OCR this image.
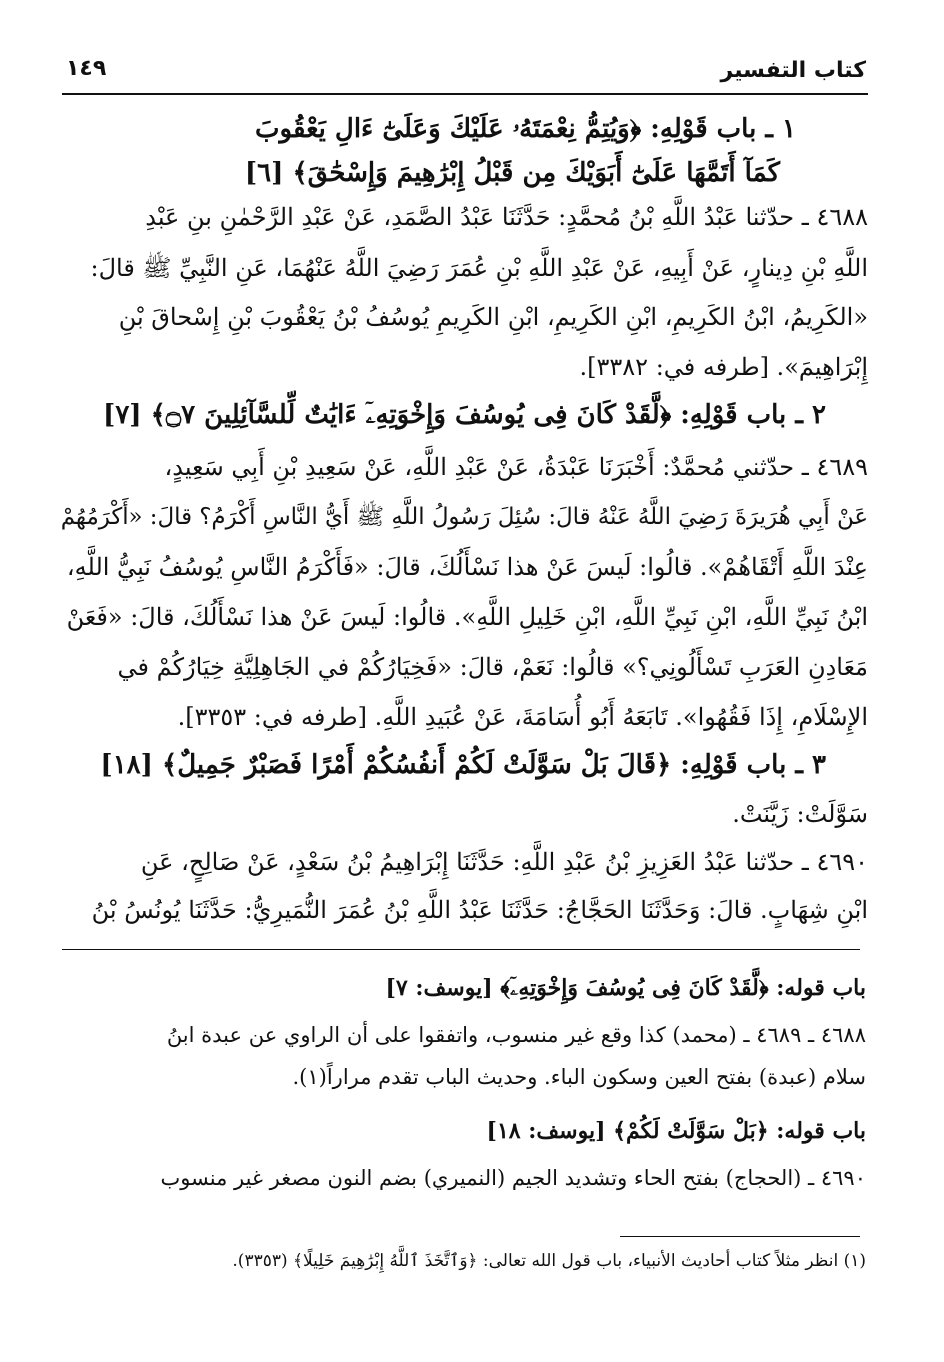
كتاب التفسير
١٤٩
١ ـ باب قَوْلِهِ: ﴿وَيُتِمُّ نِعْمَتَهُۥ عَلَيْكَ وَعَلَىٰٓ ءَالِ يَعْقُوبَ
كَمَآ أَتَمَّهَا عَلَىٰٓ أَبَوَيْكَ مِن قَبْلُ إِبْرَٰهِيمَ وَإِسْحَٰقَ﴾ [٦]
٤٦٨٨ ـ حدّثنا عَبْدُ اللَّهِ بْنُ مُحمَّدٍ: حَدَّثَنَا عَبْدُ الصَّمَدِ، عَنْ عَبْدِ الرَّحْمٰنِ بنِ عَبْدِ
اللَّهِ بْنِ دِينارٍ، عَنْ أَبِيهِ، عَنْ عَبْدِ اللَّهِ بْنِ عُمَرَ رَضِيَ اللَّهُ عَنْهُمَا، عَنِ النَّبِيِّ ﷺ قالَ:
«الكَرِيمُ، ابْنُ الكَرِيمِ، ابْنِ الكَرِيمِ، ابْنِ الكَرِيمِ يُوسُفُ بْنُ يَعْقُوبَ بْنِ إِسْحاقَ بْنِ
إِبْرَاهِيمَ». [طرفه في: ٣٣٨٢].
٢ ـ باب قَوْلِهِ: ﴿لَّقَدْ كَانَ فِى يُوسُفَ وَإِخْوَتِهِۦٓ ءَايَٰتٌ لِّلسَّآئِلِينَ ۝٧﴾ [٧]
٤٦٨٩ ـ حدّثني مُحمَّدٌ: أَخْبَرَنَا عَبْدَةُ، عَنْ عَبْدِ اللَّهِ، عَنْ سَعِيدِ بْنِ أَبِي سَعِيدٍ،
عَنْ أَبِي هُرَيرَةَ رَضِيَ اللَّهُ عَنْهُ قالَ: سُئِلَ رَسُولُ اللَّهِ ﷺ أَيُّ النَّاسِ أَكْرَمُ؟ قالَ: «أَكْرَمُهُمْ
عِنْدَ اللَّهِ أَتْقَاهُمْ». قالُوا: لَيسَ عَنْ هذا نَسْأَلُكَ، قالَ: «فَأَكْرَمُ النَّاسِ يُوسُفُ نَبِيُّ اللَّهِ،
ابْنُ نَبِيِّ اللَّهِ، ابْنِ نَبِيِّ اللَّهِ، ابْنِ خَلِيلِ اللَّهِ». قالُوا: لَيسَ عَنْ هذا نَسْأَلُكَ، قالَ: «فَعَنْ
مَعَادِنِ العَرَبِ تَسْأَلُونِي؟» قالُوا: نَعَمْ، قالَ: «فَخِيَارُكُمْ في الجَاهِلِيَّةِ خِيَارُكُمْ في
الإِسْلَامِ، إِذَا فَقُهُوا». تَابَعَهُ أَبُو أُسَامَةَ، عَنْ عُبَيدِ اللَّهِ. [طرفه في: ٣٣٥٣].
٣ ـ باب قَوْلِهِ: ﴿قَالَ بَلْ سَوَّلَتْ لَكُمْ أَنفُسُكُمْ أَمْرًا فَصَبْرٌ جَمِيلٌ﴾ [١٨]
سَوَّلَتْ: زَيَّنَتْ.
٤٦٩٠ ـ حدّثنا عَبْدُ العَزِيزِ بْنُ عَبْدِ اللَّهِ: حَدَّثَنَا إِبْرَاهِيمُ بْنُ سَعْدٍ، عَنْ صَالِحٍ، عَنِ
ابْنِ شِهَابٍ. قالَ: وَحَدَّثَنَا الحَجَّاجُ: حَدَّثَنَا عَبْدُ اللَّهِ بْنُ عُمَرَ النُّمَيرِيُّ: حَدَّثَنَا يُونُسُ بْنُ
باب قوله: ﴿لَّقَدْ كَانَ فِى يُوسُفَ وَإِخْوَتِهِۦٓ﴾ [يوسف: ٧]
٤٦٨٨ ـ ٤٦٨٩ ـ (محمد) كذا وقع غير منسوب، واتفقوا على أن الراوي عن عبدة ابنُ
سلام (عبدة) بفتح العين وسكون الباء. وحديث الباب تقدم مراراً(١).
باب قوله: ﴿بَلْ سَوَّلَتْ لَكُمْ﴾ [يوسف: ١٨]
٤٦٩٠ ـ (الحجاج) بفتح الحاء وتشديد الجيم (النميري) بضم النون مصغر غير منسوب
(١) انظر مثلاً كتاب أحاديث الأنبياء، باب قول الله تعالى: ﴿وَٱتَّخَذَ ٱللَّهُ إِبْرَٰهِيمَ خَلِيلًا﴾ (٣٣٥٣).
